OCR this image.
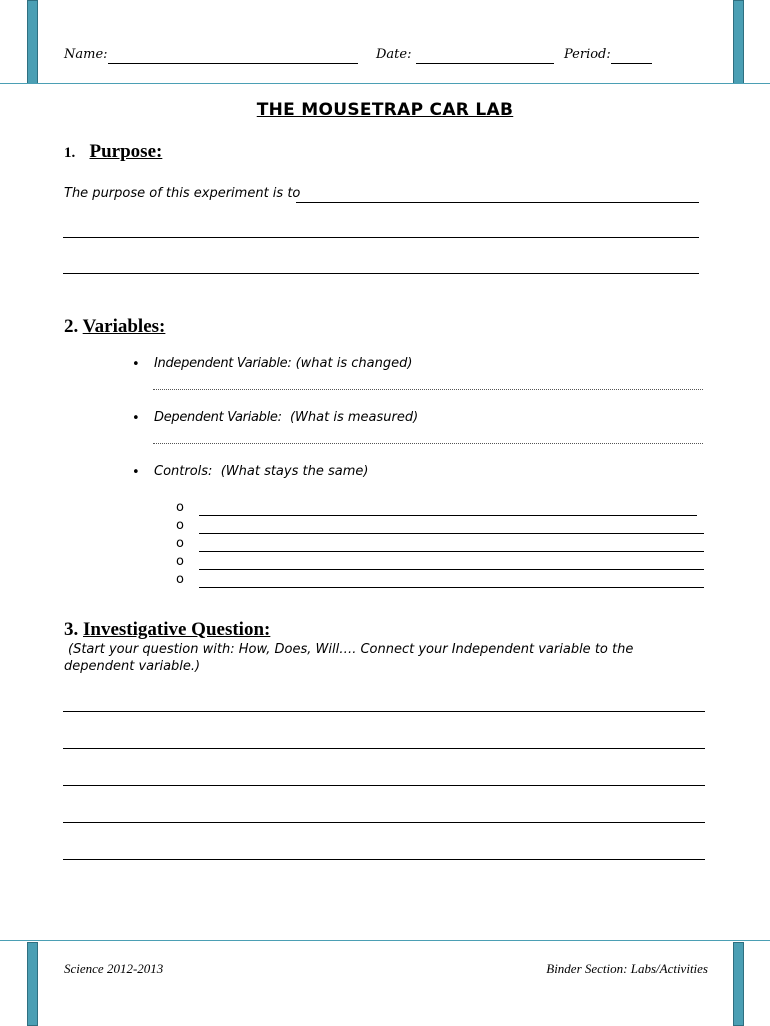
Name:	Date:	Period:
THE MOUSETRAP CAR LAB
1. Purpose:
The purpose of this experiment is to
2. Variables:
• Independent Variable: (what is changed)
• Dependent Variable: (What is measured)
• Controls: (What stays the same)
o
o
o
o
o
3. Investigative Question:
(Start your question with: How, Does, Will…. Connect your Independent variable to the
dependent variable.)
Science 2012-2013	Binder Section: Labs/Activities
